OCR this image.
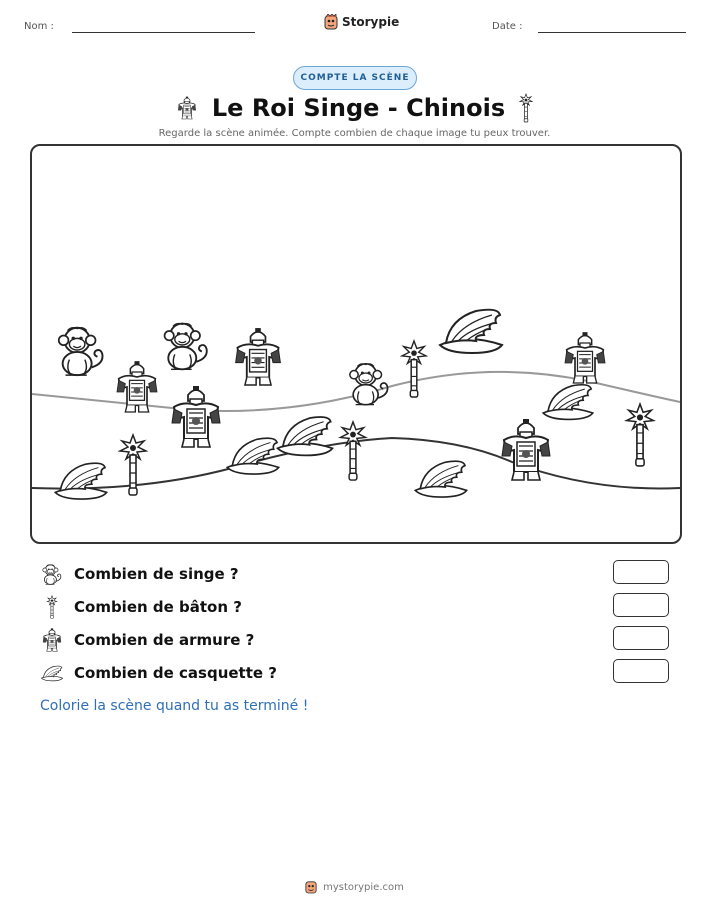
Nom :	Storypie	Date :
COMPTE LA SCÈNE
Le Roi Singe - Chinois
Regarde la scène animée. Compte combien de chaque image tu peux trouver.
Combien de singe ?
Combien de bâton ?
Combien de armure ?
Combien de casquette ?
Colorie la scène quand tu as terminé !
mystorypie.com
